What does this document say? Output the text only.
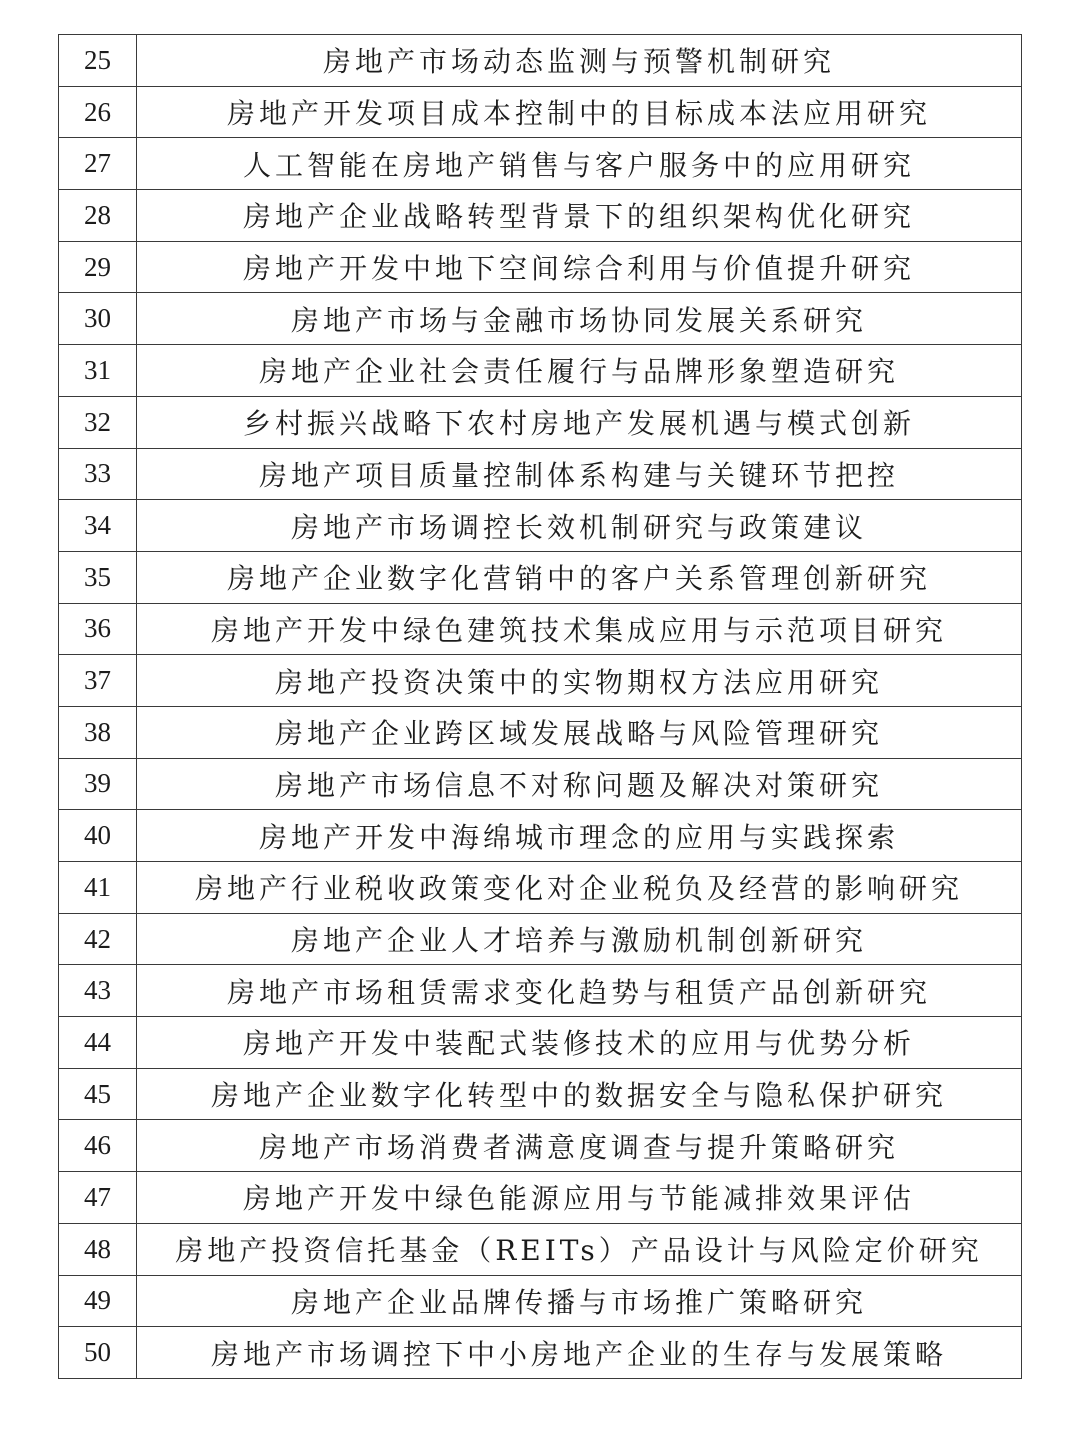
25	房地产市场动态监测与预警机制研究
26	房地产开发项目成本控制中的目标成本法应用研究
27	人工智能在房地产销售与客户服务中的应用研究
28	房地产企业战略转型背景下的组织架构优化研究
29	房地产开发中地下空间综合利用与价值提升研究
30	房地产市场与金融市场协同发展关系研究
31	房地产企业社会责任履行与品牌形象塑造研究
32	乡村振兴战略下农村房地产发展机遇与模式创新
33	房地产项目质量控制体系构建与关键环节把控
34	房地产市场调控长效机制研究与政策建议
35	房地产企业数字化营销中的客户关系管理创新研究
36	房地产开发中绿色建筑技术集成应用与示范项目研究
37	房地产投资决策中的实物期权方法应用研究
38	房地产企业跨区域发展战略与风险管理研究
39	房地产市场信息不对称问题及解决对策研究
40	房地产开发中海绵城市理念的应用与实践探索
41	房地产行业税收政策变化对企业税负及经营的影响研究
42	房地产企业人才培养与激励机制创新研究
43	房地产市场租赁需求变化趋势与租赁产品创新研究
44	房地产开发中装配式装修技术的应用与优势分析
45	房地产企业数字化转型中的数据安全与隐私保护研究
46	房地产市场消费者满意度调查与提升策略研究
47	房地产开发中绿色能源应用与节能减排效果评估
48	房地产投资信托基金（REITs）产品设计与风险定价研究
49	房地产企业品牌传播与市场推广策略研究
50	房地产市场调控下中小房地产企业的生存与发展策略
